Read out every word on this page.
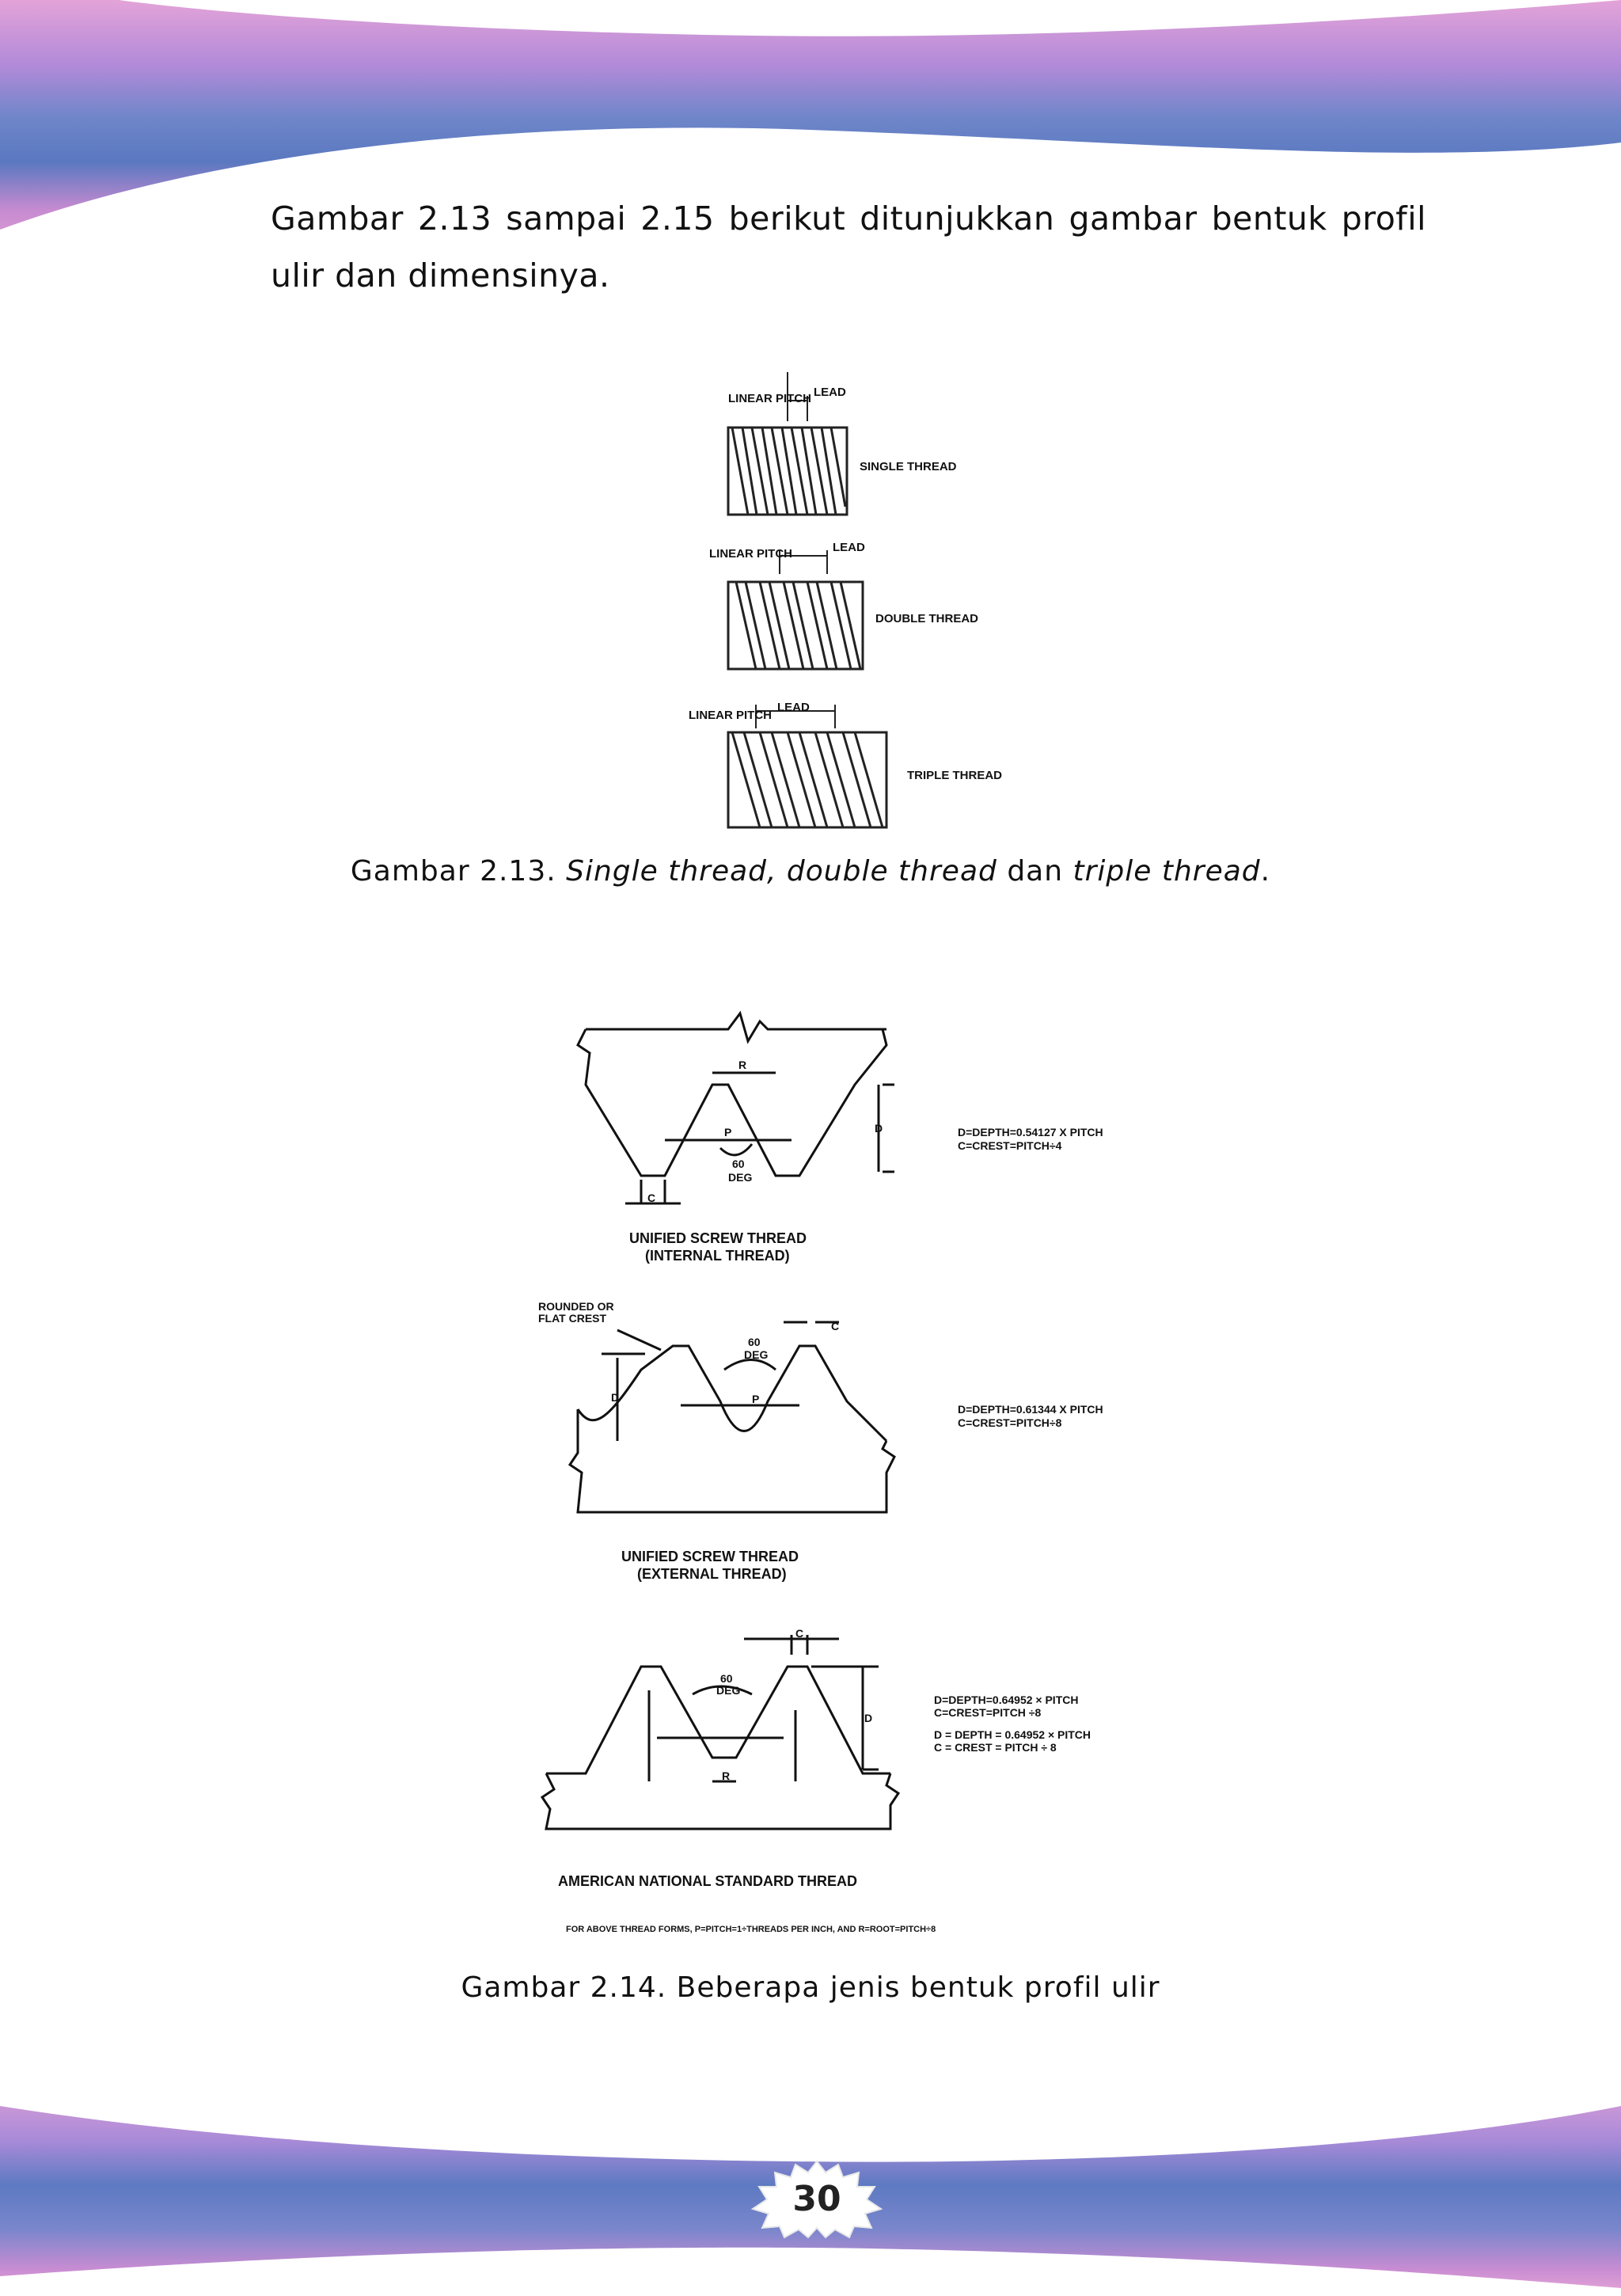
Gambar 2.13 sampai 2.15 berikut ditunjukkan gambar bentuk profil ulir dan dimensinya.

LINEAR PITCH LEAD
SINGLE THREAD
LINEAR PITCH	LEAD
DOUBLE THREAD
LINEAR PITCH
LEAD
TRIPLE THREAD

Gambar 2.13. Single thread, double thread dan triple thread.

R
P	D
C
60
DEG
UNIFIED SCREW THREAD
(INTERNAL THREAD)
D=DEPTH=0.54127 X PITCH
C=CREST=PITCH÷4
ROUNDED OR
FLAT CREST
60
DEG
C
D	P
UNIFIED SCREW THREAD
(EXTERNAL THREAD)
D=DEPTH=0.61344 X PITCH
C=CREST=PITCH÷8
C
60
DEG
D
R
D=DEPTH=0.64952 × PITCH
C=CREST=PITCH ÷8
D = DEPTH = 0.64952 × PITCH
C = CREST = PITCH ÷ 8
AMERICAN NATIONAL STANDARD THREAD
FOR ABOVE THREAD FORMS, P=PITCH=1÷THREADS PER INCH, AND R=ROOT=PITCH÷8

Gambar 2.14. Beberapa jenis bentuk profil ulir

30
